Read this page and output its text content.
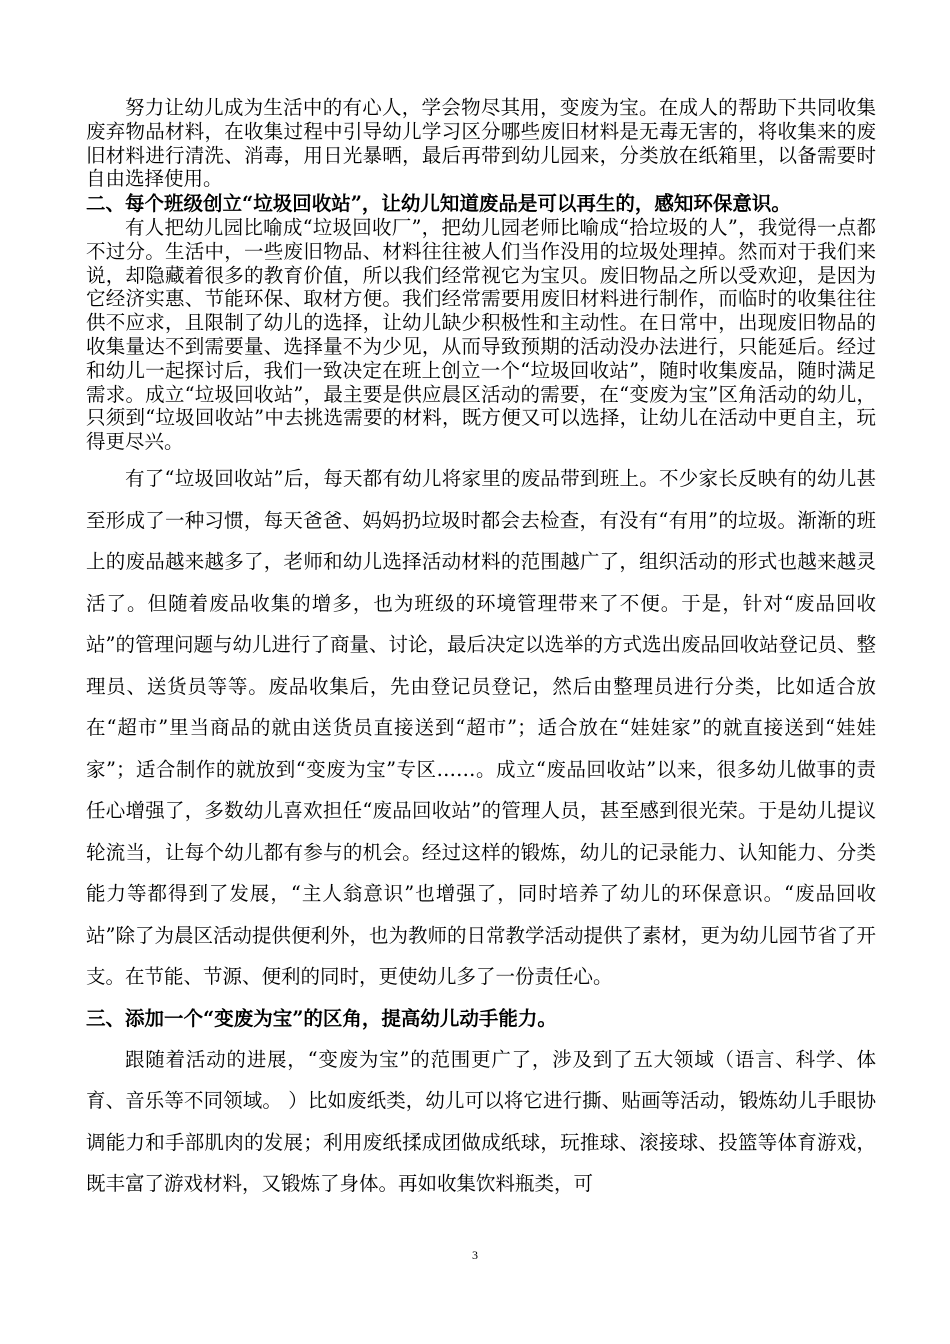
努力让幼儿成为生活中的有心人，学会物尽其用，变废为宝。在成人的帮助下共同收集废弃物品材料，在收集过程中引导幼儿学习区分哪些废旧材料是无毒无害的，将收集来的废旧材料进行清洗、消毒，用日光暴晒，最后再带到幼儿园来，分类放在纸箱里，以备需要时自由选择使用。

二、每个班级创立“垃圾回收站”，让幼儿知道废品是可以再生的，感知环保意识。

有人把幼儿园比喻成“垃圾回收厂”，把幼儿园老师比喻成“拾垃圾的人”，我觉得一点都不过分。生活中，一些废旧物品、材料往往被人们当作没用的垃圾处理掉。然而对于我们来说，却隐藏着很多的教育价值，所以我们经常视它为宝贝。废旧物品之所以受欢迎，是因为它经济实惠、节能环保、取材方便。我们经常需要用废旧材料进行制作，而临时的收集往往供不应求，且限制了幼儿的选择，让幼儿缺少积极性和主动性。在日常中，出现废旧物品的收集量达不到需要量、选择量不为少见，从而导致预期的活动没办法进行，只能延后。经过和幼儿一起探讨后，我们一致决定在班上创立一个“垃圾回收站”，随时收集废品，随时满足需求。成立“垃圾回收站”，最主要是供应晨区活动的需要，在“变废为宝”区角活动的幼儿，只须到“垃圾回收站”中去挑选需要的材料，既方便又可以选择，让幼儿在活动中更自主，玩得更尽兴。

有了“垃圾回收站”后，每天都有幼儿将家里的废品带到班上。不少家长反映有的幼儿甚至形成了一种习惯，每天爸爸、妈妈扔垃圾时都会去检查，有没有“有用”的垃圾。渐渐的班上的废品越来越多了，老师和幼儿选择活动材料的范围越广了，组织活动的形式也越来越灵活了。但随着废品收集的增多，也为班级的环境管理带来了不便。于是，针对“废品回收站”的管理问题与幼儿进行了商量、讨论，最后决定以选举的方式选出废品回收站登记员、整理员、送货员等等。废品收集后，先由登记员登记，然后由整理员进行分类，比如适合放在“超市”里当商品的就由送货员直接送到“超市”；适合放在“娃娃家”的就直接送到“娃娃家”；适合制作的就放到“变废为宝”专区……。成立“废品回收站”以来，很多幼儿做事的责任心增强了，多数幼儿喜欢担任“废品回收站”的管理人员，甚至感到很光荣。于是幼儿提议轮流当，让每个幼儿都有参与的机会。经过这样的锻炼，幼儿的记录能力、认知能力、分类能力等都得到了发展，“主人翁意识”也增强了，同时培养了幼儿的环保意识。“废品回收站”除了为晨区活动提供便利外，也为教师的日常教学活动提供了素材，更为幼儿园节省了开支。在节能、节源、便利的同时，更使幼儿多了一份责任心。

三、添加一个“变废为宝”的区角，提高幼儿动手能力。

跟随着活动的进展，“变废为宝”的范围更广了，涉及到了五大领域（语言、科学、体育、音乐等不同领域。 ）比如废纸类，幼儿可以将它进行撕、贴画等活动，锻炼幼儿手眼协调能力和手部肌肉的发展；利用废纸揉成团做成纸球，玩推球、滚接球、投篮等体育游戏，既丰富了游戏材料，又锻炼了身体。再如收集饮料瓶类，可

3
